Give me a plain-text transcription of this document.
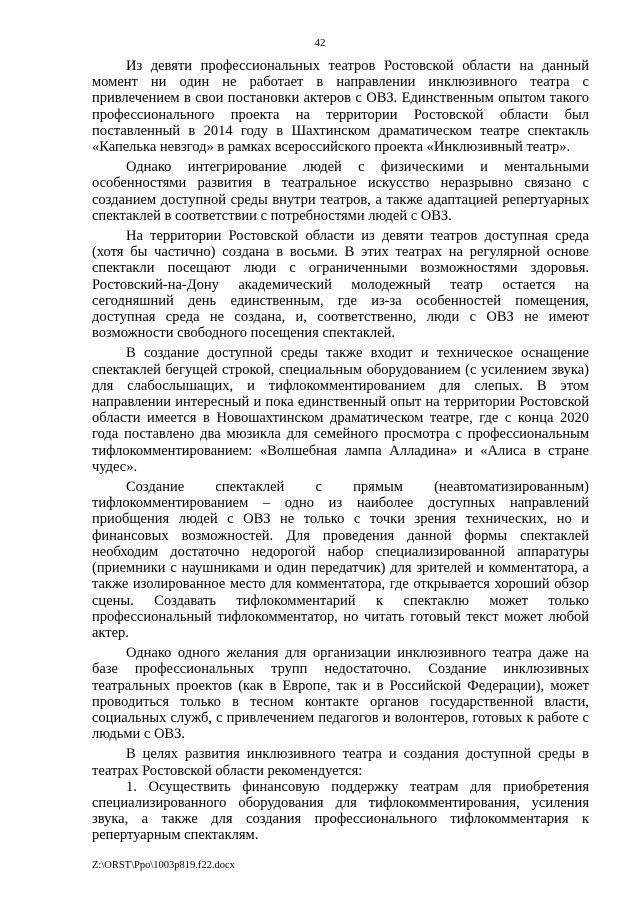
42

Из девяти профессиональных театров Ростовской области на данный момент ни один не работает в направлении инклюзивного театра с привлечением в свои постановки актеров с ОВЗ. Единственным опытом такого профессионального проекта на территории Ростовской области был поставленный в 2014 году в Шахтинском драматическом театре спектакль «Капелька невзгод» в рамках всероссийского проекта «Инклюзивный театр».

Однако интегрирование людей с физическими и ментальными особенностями развития в театральное искусство неразрывно связано с созданием доступной среды внутри театров, а также адаптацией репертуарных спектаклей в соответствии с потребностями людей с ОВЗ.

На территории Ростовской области из девяти театров доступная среда (хотя бы частично) создана в восьми. В этих театрах на регулярной основе спектакли посещают люди с ограниченными возможностями здоровья. Ростовский-на-Дону академический молодежный театр остается на сегодняшний день единственным, где из-за особенностей помещения, доступная среда не создана, и, соответственно, люди с ОВЗ не имеют возможности свободного посещения спектаклей.

В создание доступной среды также входит и техническое оснащение спектаклей бегущей строкой, специальным оборудованием (с усилением звука) для слабослышащих, и тифлокомментированием для слепых. В этом направлении интересный и пока единственный опыт на территории Ростовской области имеется в Новошахтинском драматическом театре, где с конца 2020 года поставлено два мюзикла для семейного просмотра с профессиональным тифлокомментированием: «Волшебная лампа Алладина» и «Алиса в стране чудес».

Создание спектаклей с прямым (неавтоматизированным) тифлокомментированием – одно из наиболее доступных направлений приобщения людей с ОВЗ не только с точки зрения технических, но и финансовых возможностей. Для проведения данной формы спектаклей необходим достаточно недорогой набор специализированной аппаратуры (приемники с наушниками и один передатчик) для зрителей и комментатора, а также изолированное место для комментатора, где открывается хороший обзор сцены. Создавать тифлокомментарий к спектаклю может только профессиональный тифлокомментатор, но читать готовый текст может любой актер.

Однако одного желания для организации инклюзивного театра даже на базе профессиональных трупп недостаточно. Создание инклюзивных театральных проектов (как в Европе, так и в Российской Федерации), может проводиться только в тесном контакте органов государственной власти, социальных служб, с привлечением педагогов и волонтеров, готовых к работе с людьми с ОВЗ.

В целях развития инклюзивного театра и создания доступной среды в театрах Ростовской области рекомендуется:

1. Осуществить финансовую поддержку театрам для приобретения специализированного оборудования для тифлокомментирования, усиления звука, а также для создания профессионального тифлокомментария к репертуарным спектаклям.

Z:\ORST\Ppo\1003p819.f22.docx
